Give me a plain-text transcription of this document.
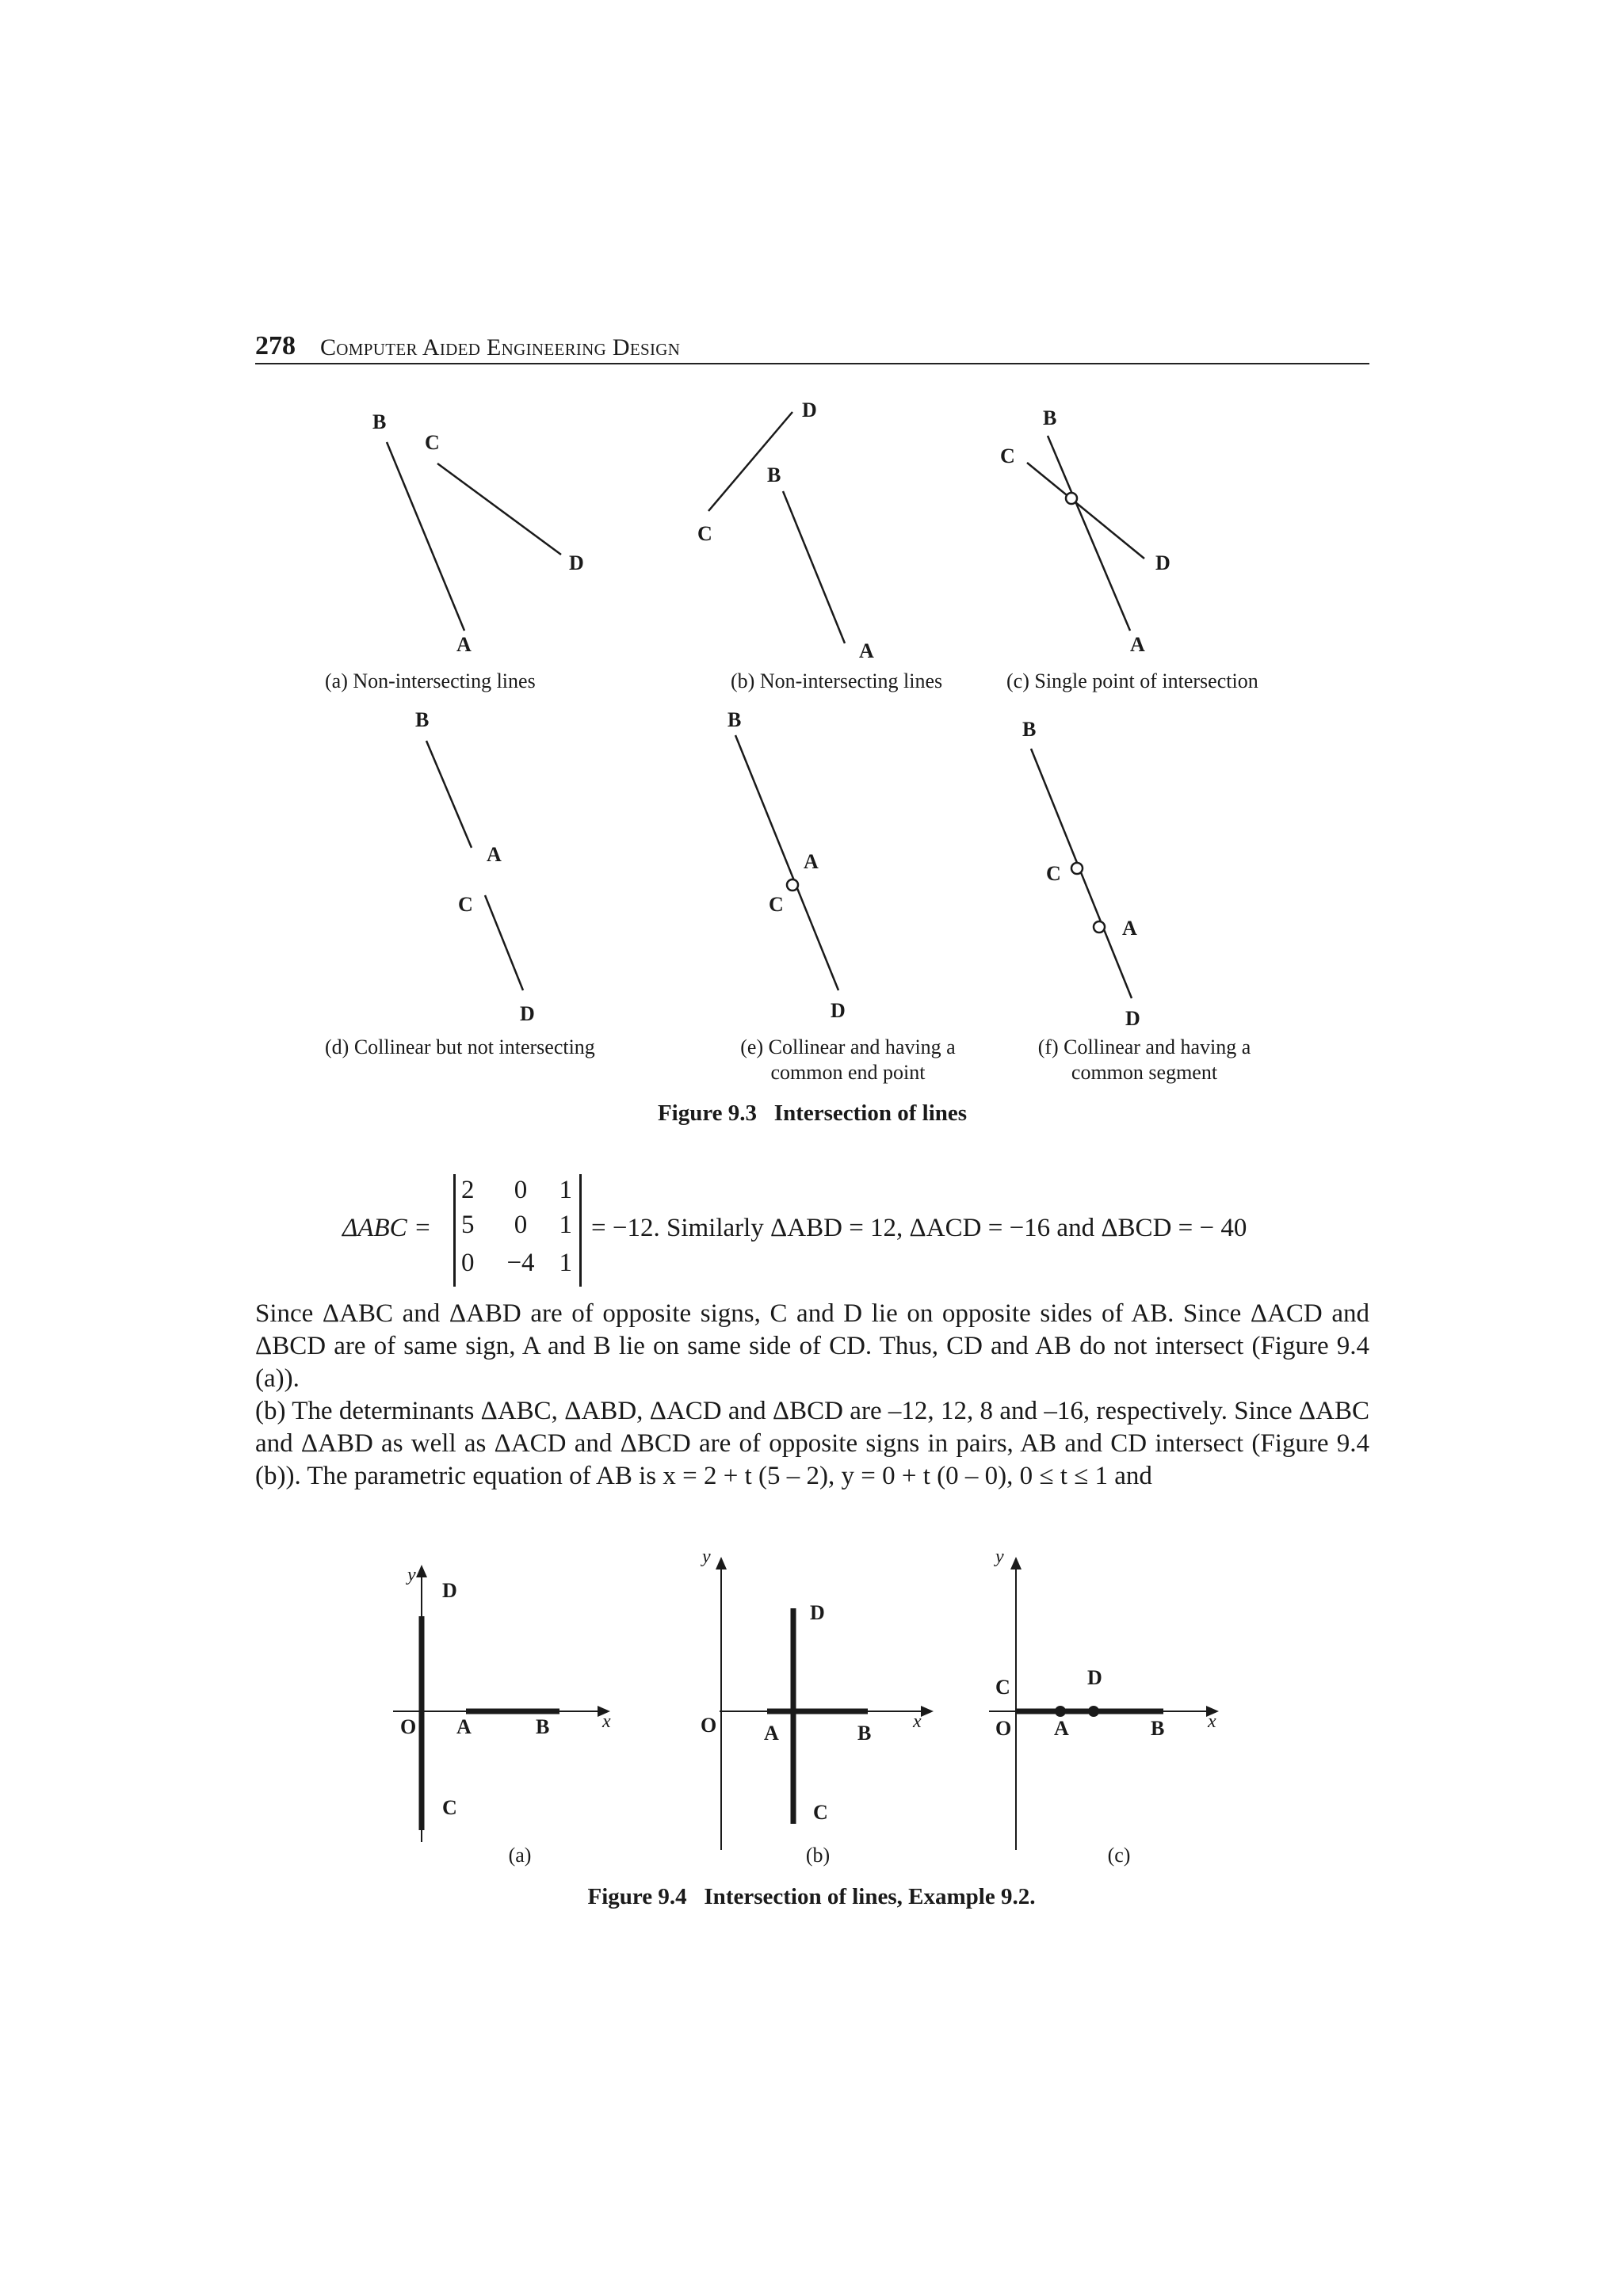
278 Computer Aided Engineering Design
B
C
D
A
D
B
C
A
B
C
D
A
B
A
C
D
B
A
C
D
B
C
A
D
(a) Non-intersecting lines	(b) Non-intersecting lines	(c) Single point of intersection
(d) Collinear but not intersecting	(e) Collinear and having a
common end point
(f) Collinear and having a
common segment
Figure 9.3   Intersection of lines
y
D
O A	B	x
C
(a)
y
D
O A	B x
C
(b)
y
C	D
O A	B x
(c)
Figure 9.4   Intersection of lines, Example 9.2.
ΔABC =
2	0	1
5	0	1
0	−4 1
= −12. Similarly ΔABD = 12, ΔACD = −16 and ΔBCD = − 40

Since ΔABC and ΔABD are of opposite signs, C and D lie on opposite sides of AB. Since ΔACD and ΔBCD are of same sign, A and B lie on same side of CD. Thus, CD and AB do not intersect (Figure 9.4 (a)).

(b) The determinants ΔABC, ΔABD, ΔACD and ΔBCD are –12, 12, 8 and –16, respectively. Since ΔABC and ΔABD as well as ΔACD and ΔBCD are of opposite signs in pairs, AB and CD intersect (Figure 9.4 (b)). The parametric equation of AB is x = 2 + t (5 – 2), y = 0 + t (0 – 0), 0 ≤ t ≤ 1 and
